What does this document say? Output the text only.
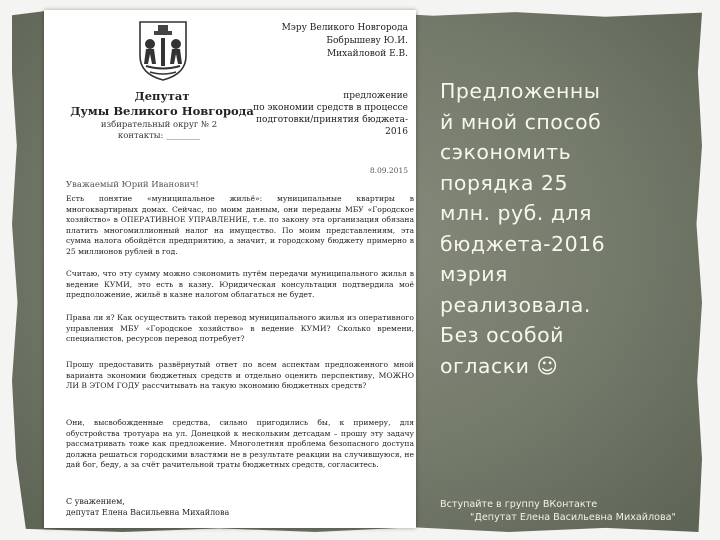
Депутат
Думы Великого Новгорода
избирательный округ № 2
контакты: ________
Мэру Великого Новгорода
Бобрышеву Ю.И.
Михайловой Е.В.
предложение
по экономии средств в процессе
подготовки/принятия бюджета-
2016
8.09.2015
Уважаемый Юрий Иванович!
Есть понятие «муниципальное жильё»: муниципальные квартиры в многоквартирных домах. Сейчас, по моим данным, они переданы МБУ «Городское хозяйство» в ОПЕРАТИВНОЕ УПРАВЛЕНИЕ, т.е. по закону эта организация обязана платить многомиллионный налог на имущество. По моим представлениям, эта сумма налога обойдётся предприятию, а значит, и городскому бюджету примерно в 25 миллионов рублей в год.
Считаю, что эту сумму можно сэкономить путём передачи муниципального жилья в ведение КУМИ, это есть в казну. Юридическая консультация подтвердила моё предположение, жильё в казне налогом облагаться не будет.
Права ли я? Как осуществить такой перевод муниципального жилья из оперативного управления МБУ «Городское хозяйство» в ведение КУМИ? Сколько времени, специалистов, ресурсов перевод потребует?
Прошу предоставить развёрнутый ответ по всем аспектам предложенного мной варианта экономии бюджетных средств и отдельно оценить перспективу, МОЖНО ЛИ В ЭТОМ ГОДУ рассчитывать на такую экономию бюджетных средств?
Они, высвобожденные средства, сильно пригодились бы, к примеру, для обустройства тротуара на ул. Донецкой к нескольким детсадам – прошу эту задачу рассматривать тоже как предложение. Многолетняя проблема безопасного доступа должна решаться городскими властями не в результате реакции на случившуюся, не дай бог, беду, а за счёт рачительной траты бюджетных средств, согласитесь.
С уважением,
депутат Елена Васильевна Михайлова
Предложенны
й мной способ
сэкономить
порядка 25
млн. руб. для
бюджета-2016
мэрия
реализовала.
Без особой
огласки ☺
Вступайте в группу ВКонтакте
"Депутат Елена Васильевна Михайлова"
